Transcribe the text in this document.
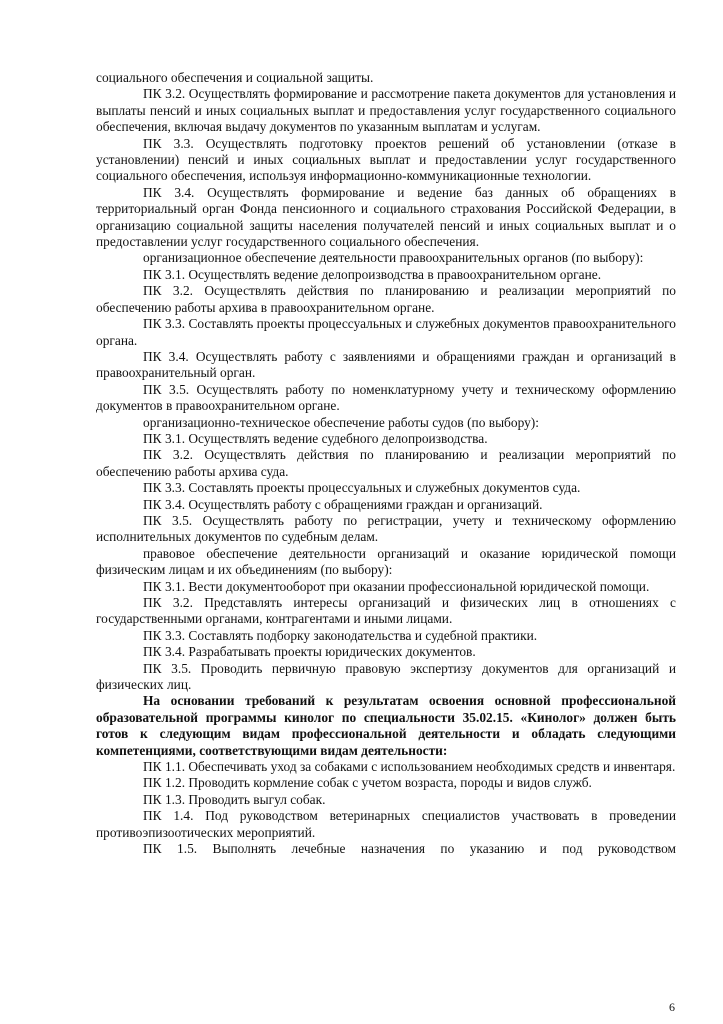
социального обеспечения и социальной защиты.

ПК 3.2. Осуществлять формирование и рассмотрение пакета документов для установления и выплаты пенсий и иных социальных выплат и предоставления услуг государственного социального обеспечения, включая выдачу документов по указанным выплатам и услугам.

ПК 3.3. Осуществлять подготовку проектов решений об установлении (отказе в установлении) пенсий и иных социальных выплат и предоставлении услуг государственного социального обеспечения, используя информационно-коммуникационные технологии.

ПК 3.4. Осуществлять формирование и ведение баз данных об обращениях в территориальный орган Фонда пенсионного и социального страхования Российской Федерации, в организацию социальной защиты населения получателей пенсий и иных социальных выплат и о предоставлении услуг государственного социального обеспечения.

организационное обеспечение деятельности правоохранительных органов (по выбору):

ПК 3.1. Осуществлять ведение делопроизводства в правоохранительном органе.

ПК 3.2. Осуществлять действия по планированию и реализации мероприятий по обеспечению работы архива в правоохранительном органе.

ПК 3.3. Составлять проекты процессуальных и служебных документов правоохранительного органа.

ПК 3.4. Осуществлять работу с заявлениями и обращениями граждан и организаций в правоохранительный орган.

ПК 3.5. Осуществлять работу по номенклатурному учету и техническому оформлению документов в правоохранительном органе.

организационно-техническое обеспечение работы судов (по выбору):

ПК 3.1. Осуществлять ведение судебного делопроизводства.

ПК 3.2. Осуществлять действия по планированию и реализации мероприятий по обеспечению работы архива суда.

ПК 3.3. Составлять проекты процессуальных и служебных документов суда.

ПК 3.4. Осуществлять работу с обращениями граждан и организаций.

ПК 3.5. Осуществлять работу по регистрации, учету и техническому оформлению исполнительных документов по судебным делам.

правовое обеспечение деятельности организаций и оказание юридической помощи физическим лицам и их объединениям (по выбору):

ПК 3.1. Вести документооборот при оказании профессиональной юридической помощи.

ПК 3.2. Представлять интересы организаций и физических лиц в отношениях с государственными органами, контрагентами и иными лицами.

ПК 3.3. Составлять подборку законодательства и судебной практики.

ПК 3.4. Разрабатывать проекты юридических документов.

ПК 3.5. Проводить первичную правовую экспертизу документов для организаций и физических лиц.

На основании требований к результатам освоения основной профессиональной образовательной программы кинолог по специальности 35.02.15. «Кинолог» должен быть готов к следующим видам профессиональной деятельности и обладать следующими компетенциями, соответствующими видам деятельности:

ПК 1.1. Обеспечивать уход за собаками с использованием необходимых средств и инвентаря.

ПК 1.2. Проводить кормление собак с учетом возраста, породы и видов служб.

ПК 1.3. Проводить выгул собак.

ПК 1.4. Под руководством ветеринарных специалистов участвовать в проведении противоэпизоотических мероприятий.

ПК 1.5. Выполнять лечебные назначения по указанию и под руководством

6
